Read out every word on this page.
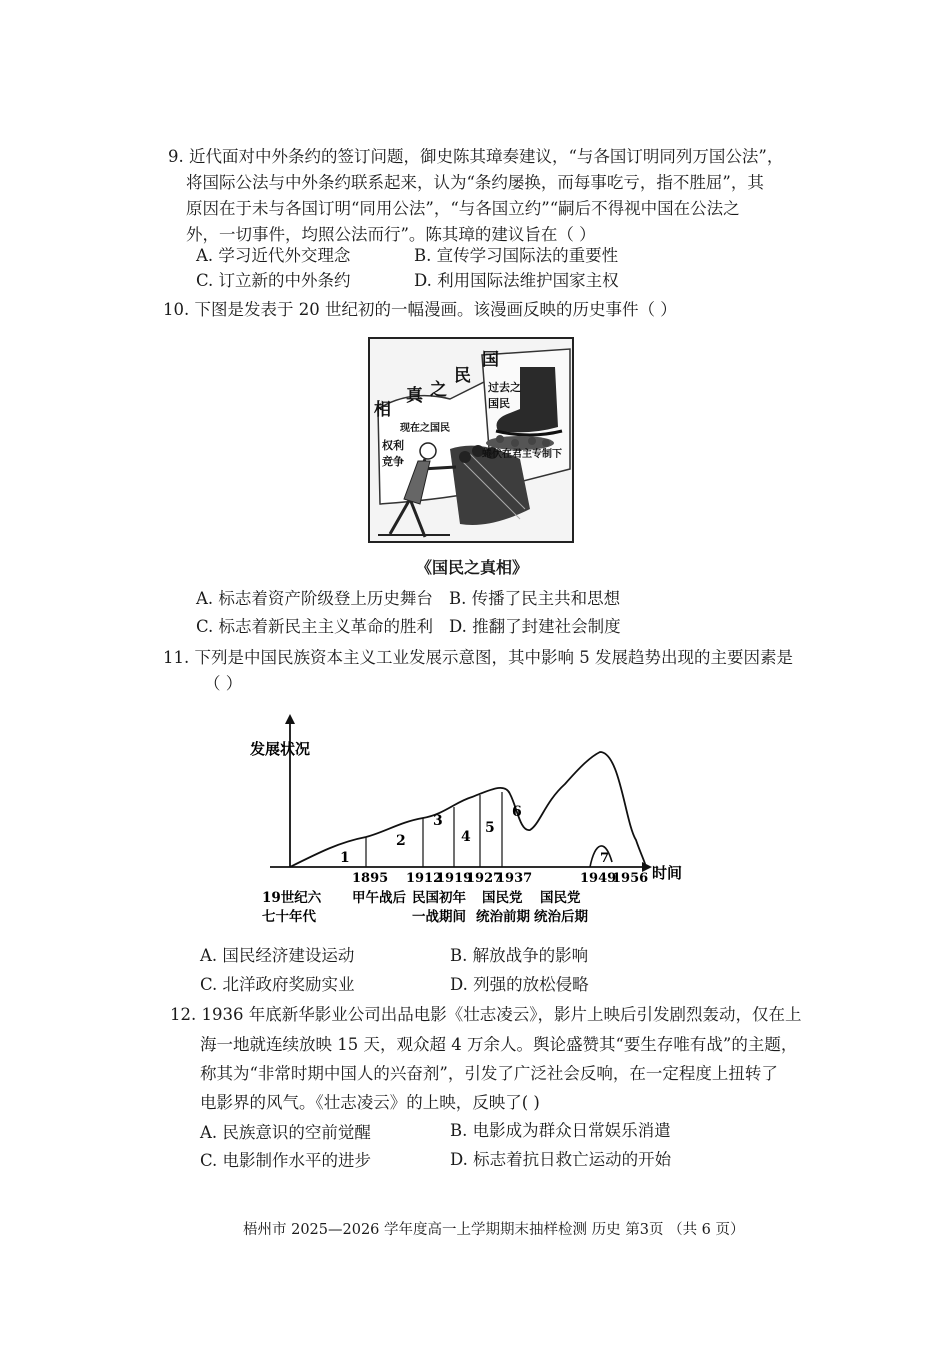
9. 近代面对中外条约的签订问题，御史陈其璋奏建议，“与各国订明同列万国公法”，
将国际公法与中外条约联系起来，认为“条约屡换，而每事吃亏，指不胜屈”，其
原因在于未与各国订明“同用公法”，“与各国立约”“嗣后不得视中国在公法之
外，一切事件，均照公法而行”。陈其璋的建议旨在（ ）
A. 学习近代外交理念	B. 宣传学习国际法的重要性
C. 订立新的中外条约	D. 利用国际法维护国家主权
10. 下图是发表于 20 世纪初的一幅漫画。该漫画反映的历史事件（ ）
相
真 之
民
国
过去之
国民
现在之国民
权利
竞争
蜷伏在君主专制下
《国民之真相》
A. 标志着资产阶级登上历史舞台 B. 传播了民主共和思想
C. 标志着新民主主义革命的胜利 D. 推翻了封建社会制度
11. 下列是中国民族资本主义工业发展示意图，其中影响 5 发展趋势出现的主要因素是
（ ）
发展状况
时间
1
2
3
4
5
6
7
1895 1912
1919
1927
1937	1949
1956
19世纪六
七十年代
甲午战后 民国初年
一战期间
国民党
统治前期
国民党
统治后期
A. 国民经济建设运动	B. 解放战争的影响
C. 北洋政府奖励实业	D. 列强的放松侵略
12. 1936 年底新华影业公司出品电影《壮志凌云》，影片上映后引发剧烈轰动，仅在上
海一地就连续放映 15 天，观众超 4 万余人。舆论盛赞其“要生存唯有战”的主题，
称其为“非常时期中国人的兴奋剂”，引发了广泛社会反响，在一定程度上扭转了
电影界的风气。《壮志凌云》的上映，反映了( )
A. 民族意识的空前觉醒	B. 电影成为群众日常娱乐消遣
C. 电影制作水平的进步	D. 标志着抗日救亡运动的开始
梧州市 2025—2026 学年度高一上学期期末抽样检测 历史 第3页 （共 6 页）
